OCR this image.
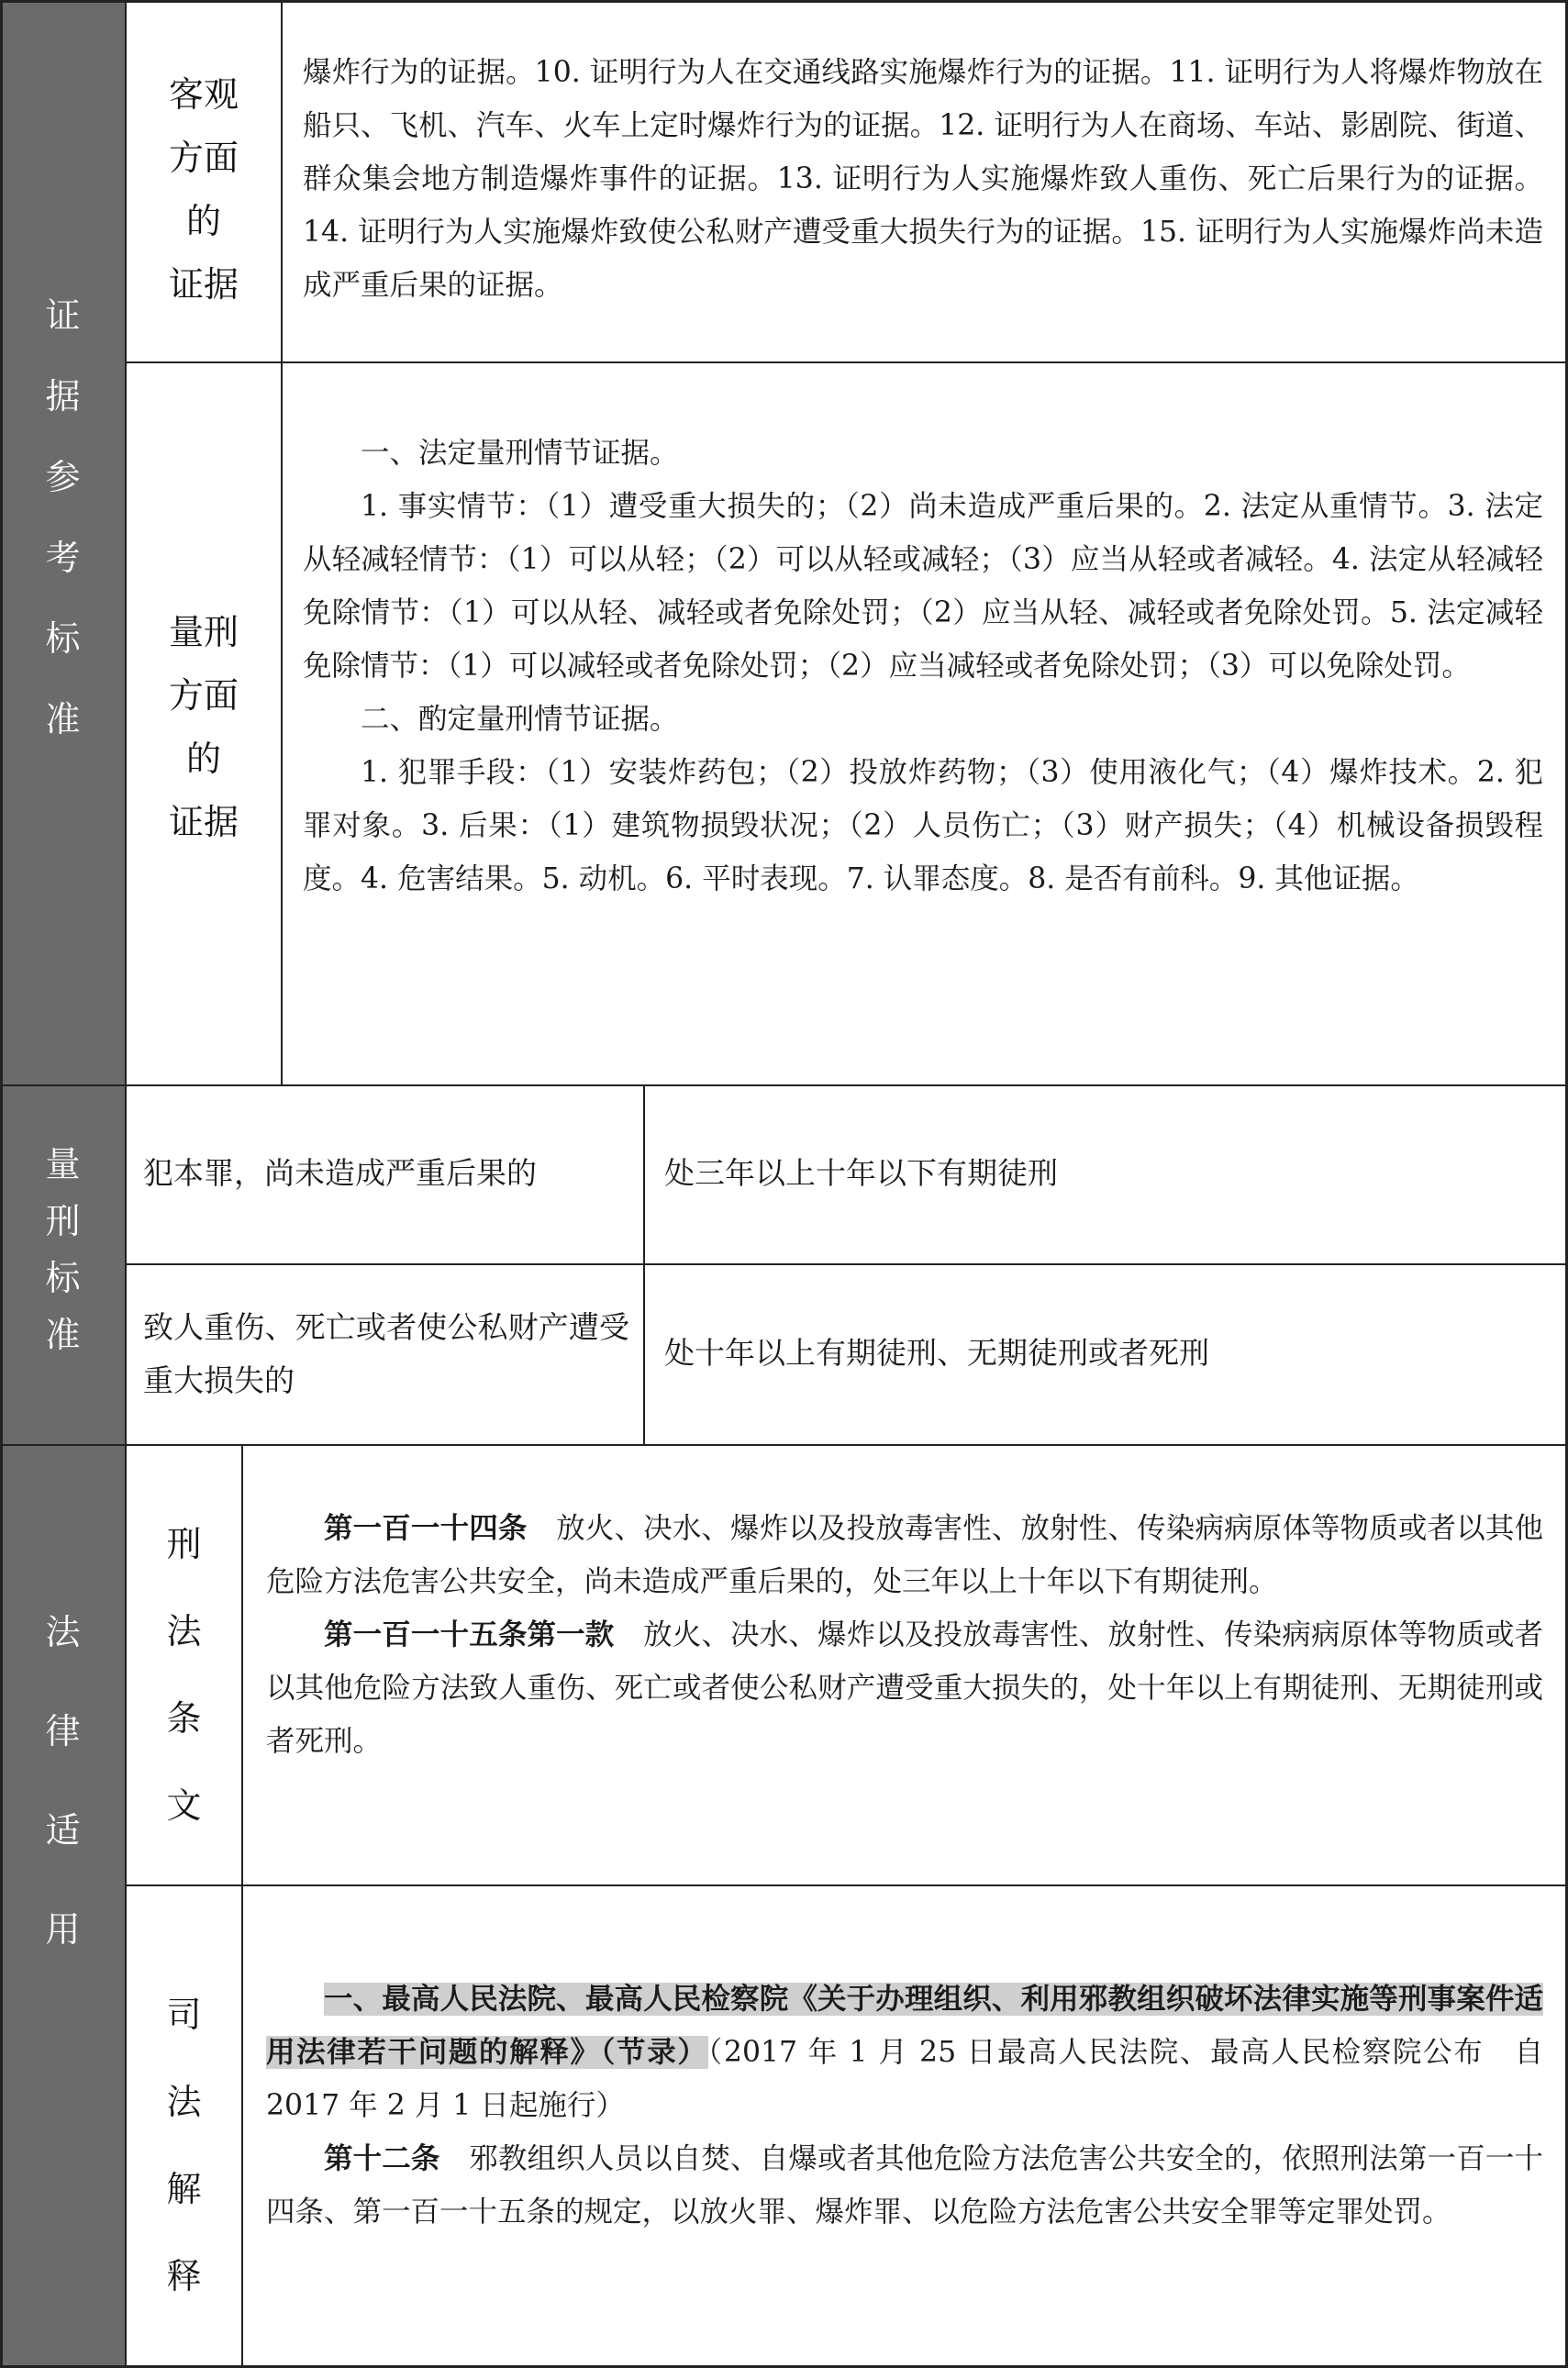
证
据
参
考
标
准
量
刑
标
准
法
律
适
用
客观
方面
的
证据

爆炸行为的证据。10. 证明行为人在交通线路实施爆炸行为的证据。11. 证明行为人将爆炸物放在船只、飞机、汽车、火车上定时爆炸行为的证据。12. 证明行为人在商场、车站、影剧院、街道、群众集会地方制造爆炸事件的证据。13. 证明行为人实施爆炸致人重伤、死亡后果行为的证据。14. 证明行为人实施爆炸致使公私财产遭受重大损失行为的证据。15. 证明行为人实施爆炸尚未造成严重后果的证据。

量刑
方面
的
证据

一、法定量刑情节证据。

1. 事实情节：（1）遭受重大损失的；（2）尚未造成严重后果的。2. 法定从重情节。3. 法定从轻减轻情节：（1）可以从轻；（2）可以从轻或减轻；（3）应当从轻或者减轻。4. 法定从轻减轻免除情节：（1）可以从轻、减轻或者免除处罚；（2）应当从轻、减轻或者免除处罚。5. 法定减轻免除情节：（1）可以减轻或者免除处罚；（2）应当减轻或者免除处罚；（3）可以免除处罚。

二、酌定量刑情节证据。

1. 犯罪手段：（1）安装炸药包；（2）投放炸药物；（3）使用液化气；（4）爆炸技术。2. 犯罪对象。3. 后果：（1）建筑物损毁状况；（2）人员伤亡；（3）财产损失；（4）机械设备损毁程度。4. 危害结果。5. 动机。6. 平时表现。7. 认罪态度。8. 是否有前科。9. 其他证据。

犯本罪，尚未造成严重后果的	处三年以上十年以下有期徒刑
致人重伤、死亡或者使公私财产遭受重大损失的
处十年以上有期徒刑、无期徒刑或者死刑
刑
法
条
文

第一百一十四条　 放火、决水、爆炸以及投放毒害性、放射性、传染病病原体等物质或者以其他危险方法危害公共安全，尚未造成严重后果的，处三年以上十年以下有期徒刑。

第一百一十五条第一款　 放火、决水、爆炸以及投放毒害性、放射性、传染病病原体等物质或者以其他危险方法致人重伤、死亡或者使公私财产遭受重大损失的，处十年以上有期徒刑、无期徒刑或者死刑。

司
法
解
释

一、最高人民法院、最高人民检察院《关于办理组织、利用邪教组织破坏法律实施等刑事案件适用法律若干问题的解释》（节录）（2017 年 1 月 25 日最高人民法院、最高人民检察院公布　自 2017 年 2 月 1 日起施行）

第十二条　 邪教组织人员以自焚、自爆或者其他危险方法危害公共安全的，依照刑法第一百一十四条、第一百一十五条的规定，以放火罪、爆炸罪、以危险方法危害公共安全罪等定罪处罚。
